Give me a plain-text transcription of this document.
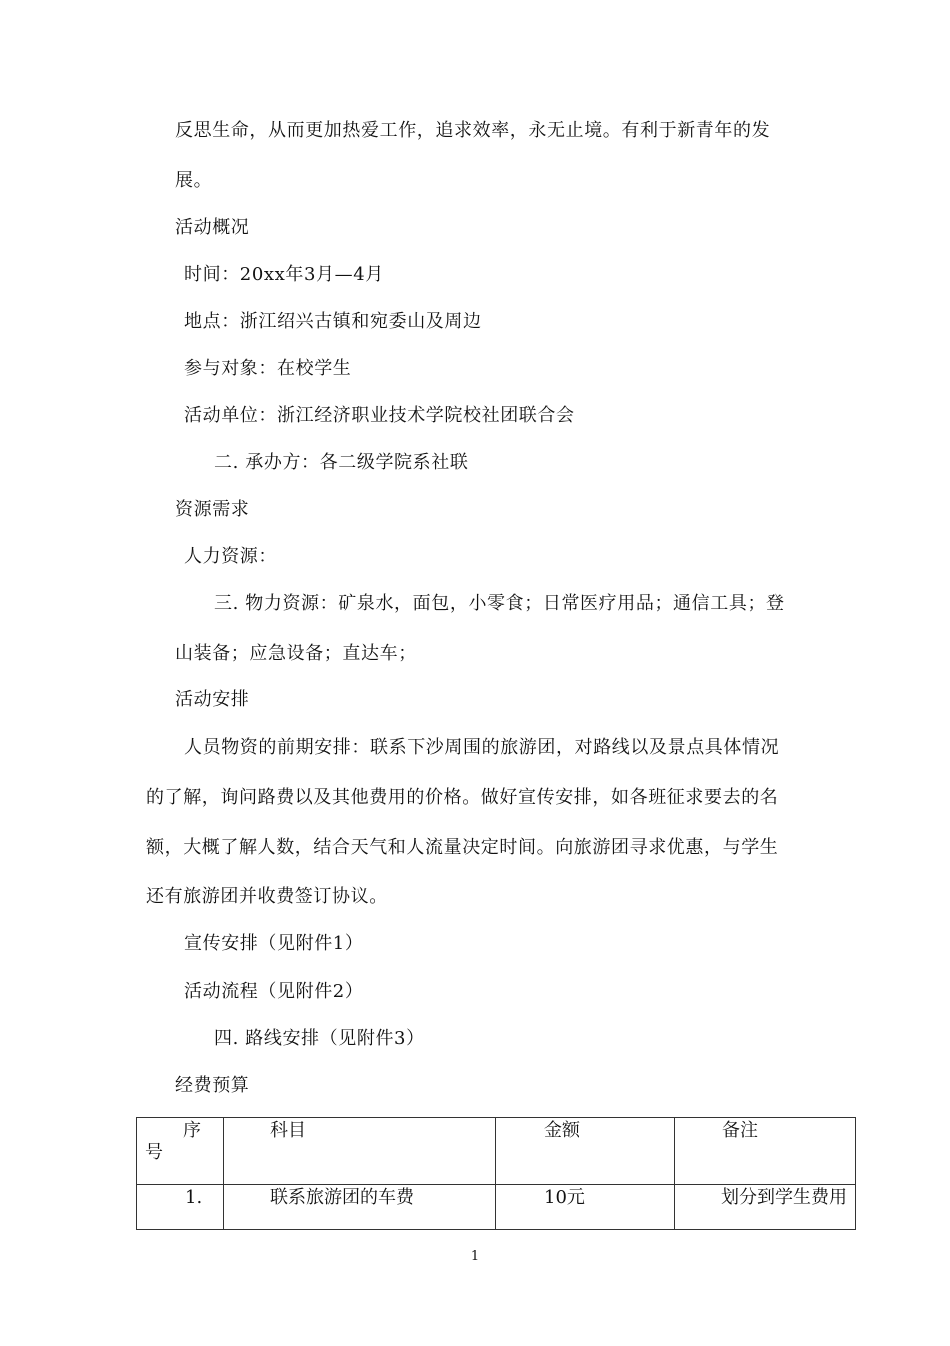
反思生命，从而更加热爱工作，追求效率，永无止境。有利于新青年的发
展。
活动概况
时间：20xx年3月—4月
地点：浙江绍兴古镇和宛委山及周边
参与对象：在校学生
活动单位：浙江经济职业技术学院校社团联合会
二. 承办方：各二级学院系社联
资源需求
人力资源：
三. 物力资源：矿泉水，面包，小零食；日常医疗用品；通信工具；登
山装备；应急设备；直达车；
活动安排
人员物资的前期安排：联系下沙周围的旅游团，对路线以及景点具体情况
的了解，询问路费以及其他费用的价格。做好宣传安排，如各班征求要去的名
额，大概了解人数，结合天气和人流量决定时间。向旅游团寻求优惠，与学生
还有旅游团并收费签订协议。
宣传安排（见附件1）
活动流程（见附件2）
四. 路线安排（见附件3）
经费预算
序号	科目	金额	备注
1.	联系旅游团的车费	10元	划分到学生费用
1
